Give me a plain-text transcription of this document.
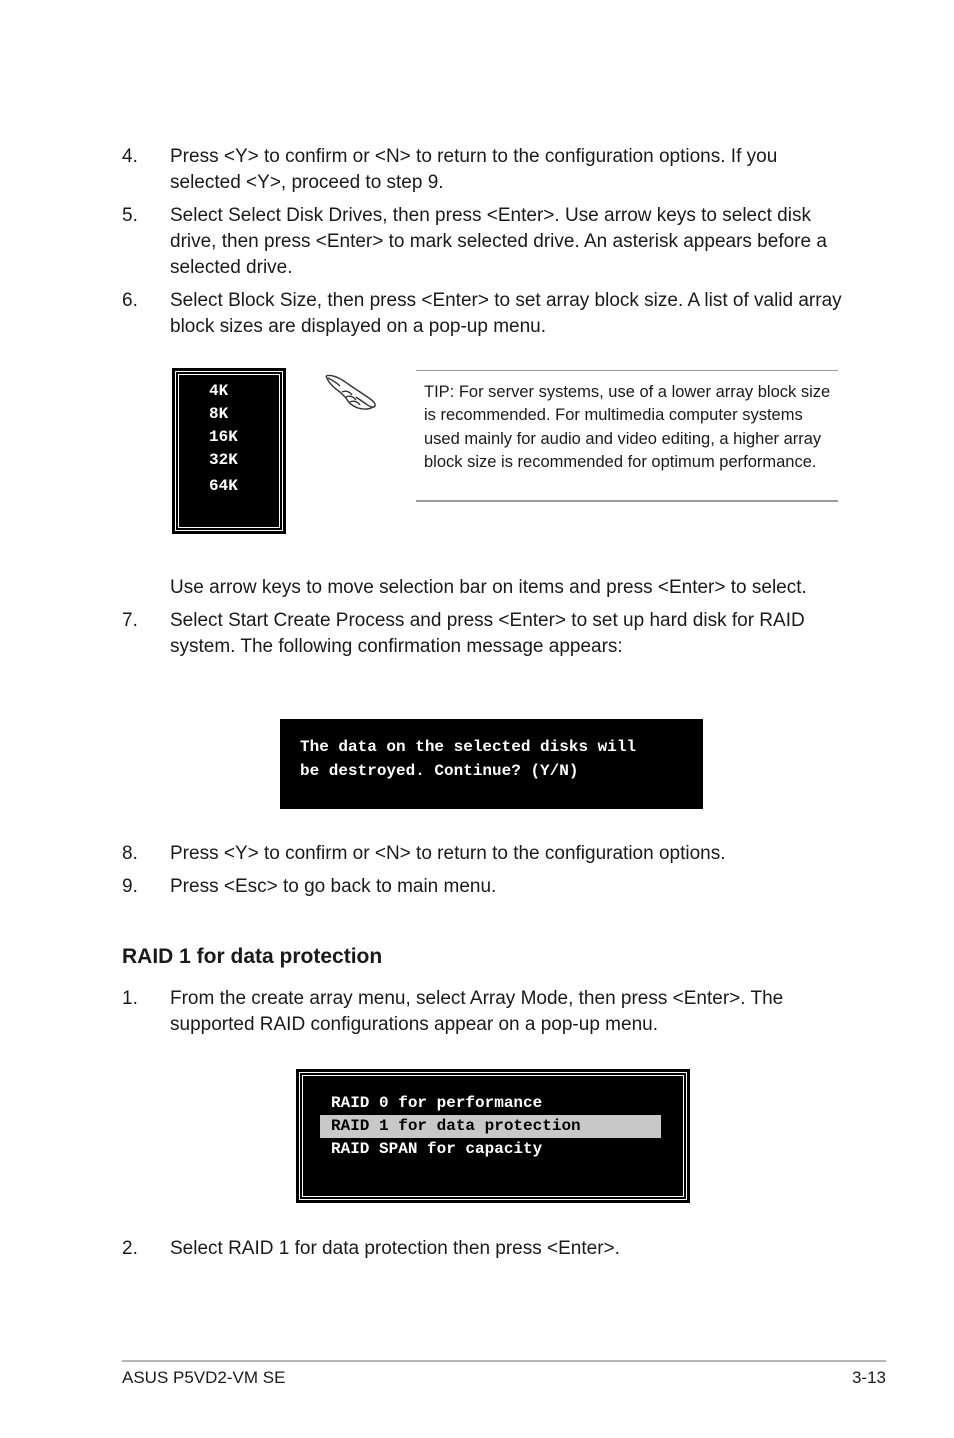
4. Press <Y> to confirm or <N> to return to the configuration options. If you selected <Y>, proceed to step 9.
5. Select Select Disk Drives, then press <Enter>. Use arrow keys to select disk drive, then press <Enter> to mark selected drive. An asterisk appears before a selected drive.
6. Select Block Size, then press <Enter> to set array block size. A list of valid array block sizes are displayed on a pop-up menu.
4K
8K
16K
32K
64K
TIP: For server systems, use of a lower array block size is recommended. For multimedia computer systems used mainly for audio and video editing, a higher array block size is recommended for optimum performance.
Use arrow keys to move selection bar on items and press <Enter> to select.
7. Select Start Create Process and press <Enter> to set up hard disk for RAID system. The following confirmation message appears:
The data on the selected disks will
be destroyed. Continue? (Y/N)
8. Press <Y> to confirm or <N> to return to the configuration options.
9. Press <Esc> to go back to main menu.
RAID 1 for data protection
1. From the create array menu, select Array Mode, then press <Enter>. The supported RAID configurations appear on a pop-up menu.
RAID 0 for performance
RAID 1 for data protection
RAID SPAN for capacity
2. Select RAID 1 for data protection then press <Enter>.
ASUS P5VD2-VM SE	3-13
